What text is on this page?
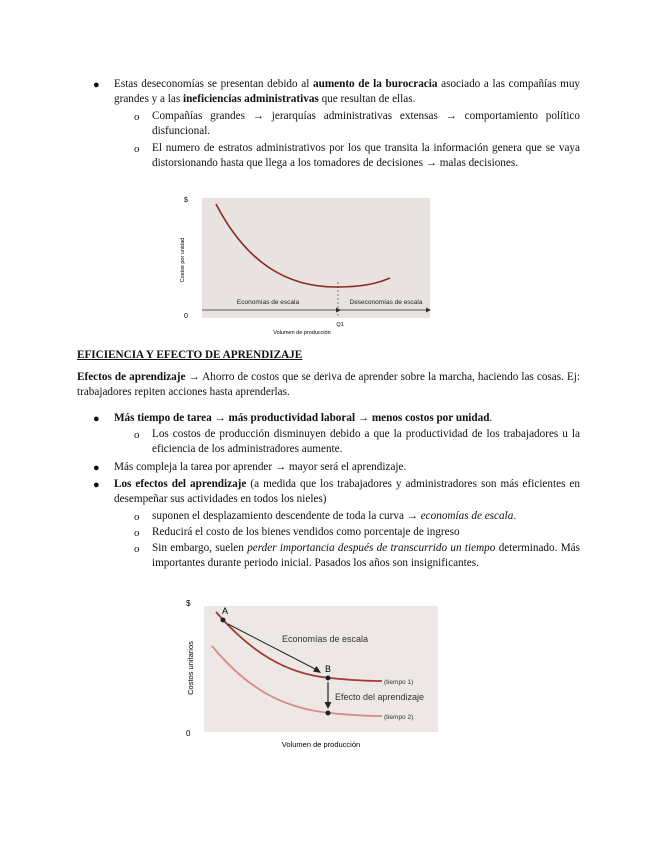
● Estas deseconomías se presentan debido al aumento de la burocracia asociado a las compañías muy grandes y a las ineficiencias administrativas que resultan de ellas.
o Compañías grandes → jerarquías administrativas extensas → comportamiento político disfuncional.
o El numero de estratos administrativos por los que transita la información genera que se vaya distorsionando hasta que llega a los tomadores de decisiones → malas decisiones.
$
0
Costos por unidad
Economías de escala	Deseconomías de escala
Q1
Volumen de producción
EFICIENCIA Y EFECTO DE APRENDIZAJE
Efectos de aprendizaje → Ahorro de costos que se deriva de aprender sobre la marcha, haciendo las cosas. Ej: trabajadores repiten acciones hasta aprenderlas.
● Más tiempo de tarea → más productividad laboral → menos costos por unidad.
o Los costos de producción disminuyen debido a que la productividad de los trabajadores u la eficiencia de los administradores aumente.
● Más compleja la tarea por aprender → mayor será el aprendizaje.
● Los efectos del aprendizaje (a medida que los trabajadores y administradores son más eficientes en desempeñar sus actividades en todos los nieles)
o suponen el desplazamiento descendente de toda la curva → economías de escala.
o Reducirá el costo de los bienes vendidos como porcentaje de ingreso
o Sin embargo, suelen perder importancia después de transcurrido un tiempo determinado. Más importantes durante periodo inicial. Pasados los años son insignificantes.
$
0
Costos unitarios
A
B
Economías de escala
Efecto del aprendizaje
(tiempo 1)
(tiempo 2)
Volumen de producción
